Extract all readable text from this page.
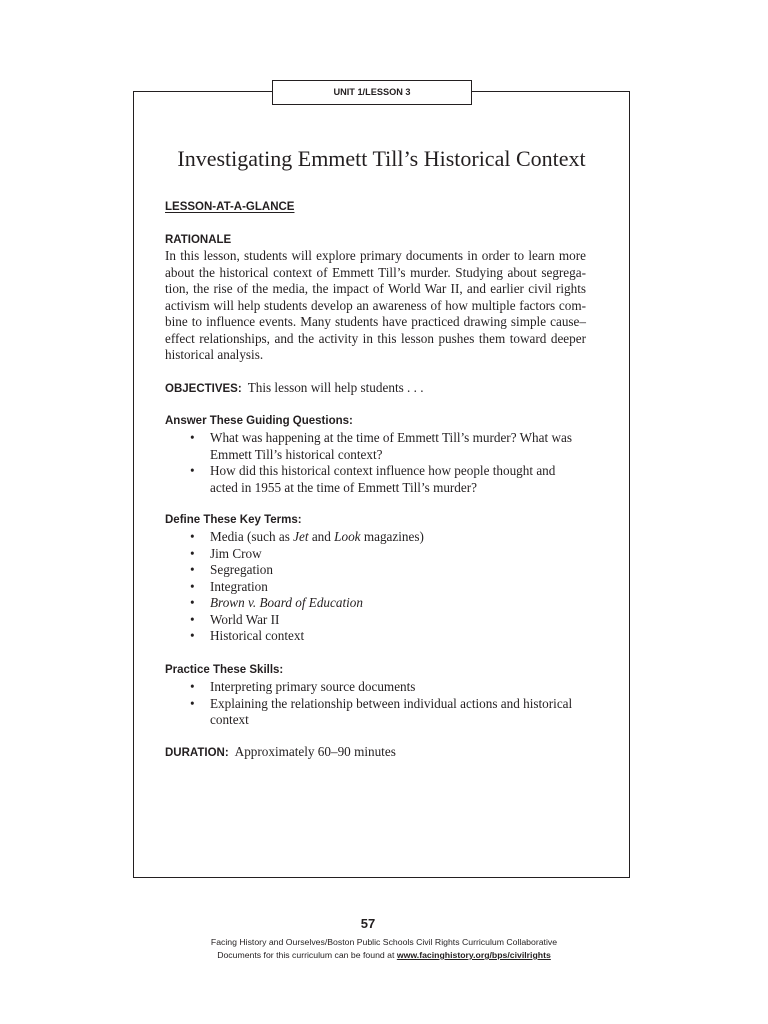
UNIT 1/LESSON 3
Investigating Emmett Till’s Historical Context
LESSON-AT-A-GLANCE
RATIONALE
In this lesson, students will explore primary documents in order to learn more
about the historical context of Emmett Till’s murder. Studying about segrega-
tion, the rise of the media, the impact of World War II, and earlier civil rights
activism will help students develop an awareness of how multiple factors com-
bine to influence events. Many students have practiced drawing simple cause–
effect relationships, and the activity in this lesson pushes them toward deeper
historical analysis.
OBJECTIVES: This lesson will help students . . .
Answer These Guiding Questions:
• What was happening at the time of Emmett Till’s murder? What was
Emmett Till’s historical context?
• How did this historical context influence how people thought and
acted in 1955 at the time of Emmett Till’s murder?
Define These Key Terms:
• Media (such as Jet and Look magazines)
• Jim Crow
• Segregation
• Integration
• Brown v. Board of Education
• World War II
• Historical context
Practice These Skills:
• Interpreting primary source documents
• Explaining the relationship between individual actions and historical
context
DURATION: Approximately 60–90 minutes
57
Facing History and Ourselves/Boston Public Schools Civil Rights Curriculum Collaborative
Documents for this curriculum can be found at www.facinghistory.org/bps/civilrights
